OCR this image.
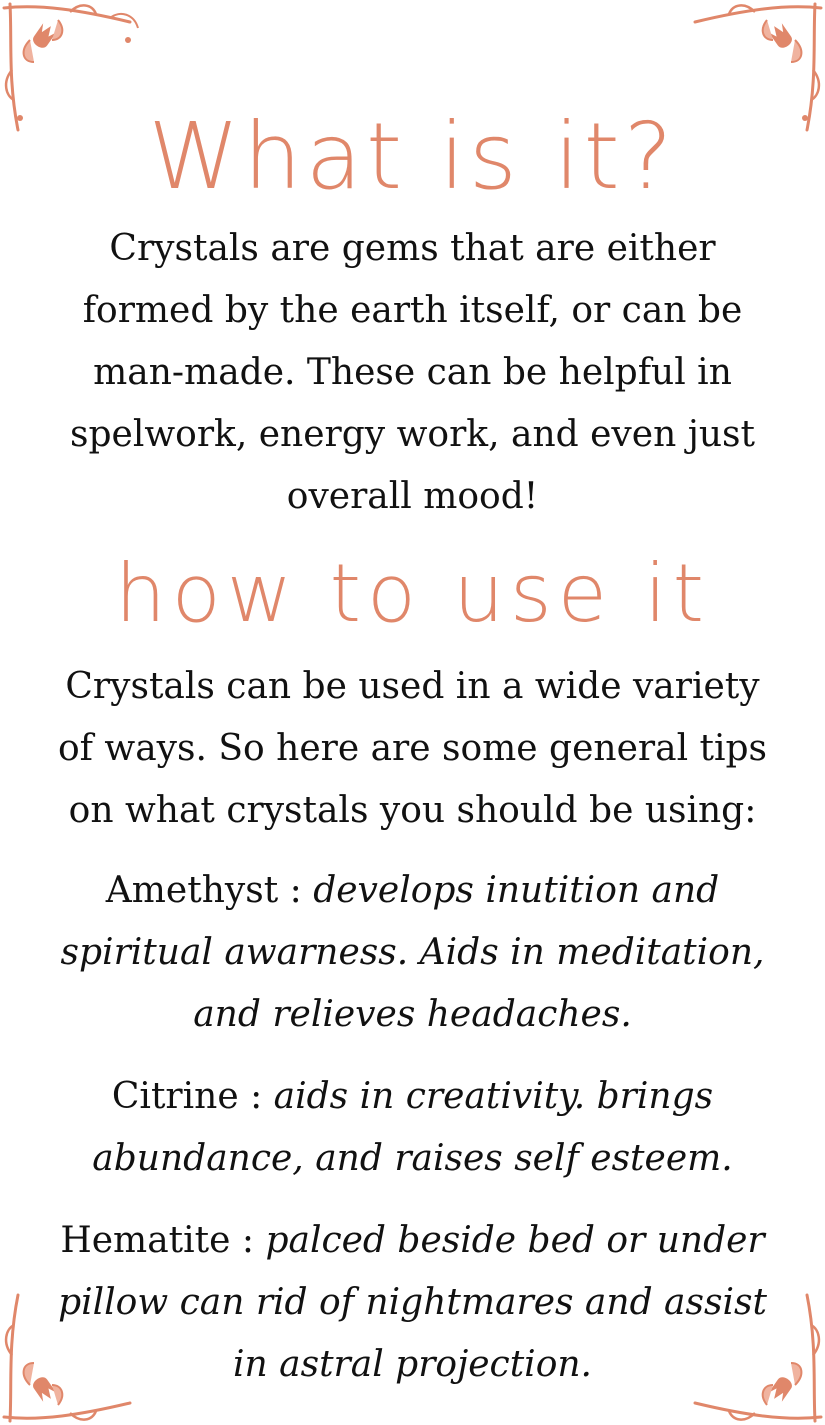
What is it?

Crystals are gems that are either formed by the earth itself, or can be man-made. These can be helpful in spelwork, energy work, and even just overall mood!

how to use it

Crystals can be used in a wide variety of ways. So here are some general tips on what crystals you should be using:

Amethyst : develops inutition and spiritual awarness. Aids in meditation, and relieves headaches.

Citrine : aids in creativity. brings abundance, and raises self esteem.

Hematite : palced beside bed or under pillow can rid of nightmares and assist in astral projection.
